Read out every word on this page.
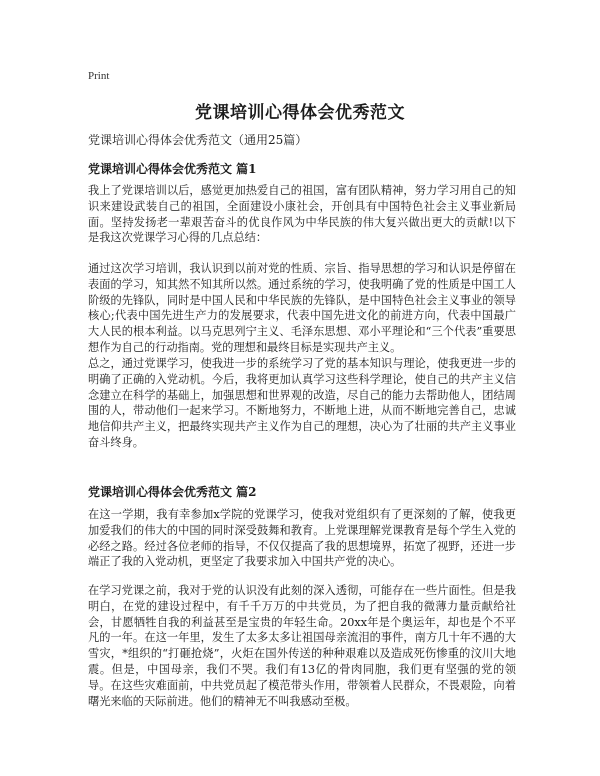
Print
党课培训心得体会优秀范文
党课培训心得体会优秀范文（通用25篇）
党课培训心得体会优秀范文 篇1
我上了党课培训以后，感觉更加热爱自己的祖国，富有团队精神，努力学习用自己的知识来建设武装自己的祖国，全面建设小康社会，开创具有中国特色社会主义事业新局面。坚持发扬老一辈艰苦奋斗的优良作风为中华民族的伟大复兴做出更大的贡献!以下是我这次党课学习心得的几点总结：
通过这次学习培训，我认识到以前对党的性质、宗旨、指导思想的学习和认识是停留在表面的学习，知其然不知其所以然。通过系统的学习，使我明确了党的性质是中国工人阶级的先锋队，同时是中国人民和中华民族的先锋队，是中国特色社会主义事业的领导核心;代表中国先进生产力的发展要求，代表中国先进文化的前进方向，代表中国最广大人民的根本利益。以马克思列宁主义、毛泽东思想、邓小平理论和“三个代表”重要思想作为自己的行动指南。党的理想和最终目标是实现共产主义。
总之，通过党课学习，使我进一步的系统学习了党的基本知识与理论，使我更进一步的明确了正确的入党动机。今后，我将更加认真学习这些科学理论，使自己的共产主义信念建立在科学的基础上，加强思想和世界观的改造，尽自己的能力去帮助他人，团结周围的人，带动他们一起来学习。不断地努力，不断地上进，从而不断地完善自己，忠诚地信仰共产主义，把最终实现共产主义作为自己的理想，决心为了壮丽的共产主义事业奋斗终身。
党课培训心得体会优秀范文 篇2
在这一学期，我有幸参加x学院的党课学习，使我对党组织有了更深刻的了解，使我更加爱我们的伟大的中国的同时深受鼓舞和教育。上党课理解党课教育是每个学生入党的必经之路。经过各位老师的指导，不仅仅提高了我的思想境界，拓宽了视野，还进一步端正了我的入党动机，更坚定了我要求加入中国共产党的决心。
在学习党课之前，我对于党的认识没有此刻的深入透彻，可能存在一些片面性。但是我明白，在党的建设过程中，有千千万万的中共党员，为了把自我的微薄力量贡献给社会，甘愿牺牲自我的利益甚至是宝贵的年轻生命。20xx年是个奥运年，却也是个不平凡的一年。在这一年里，发生了太多太多让祖国母亲流泪的事件，南方几十年不遇的大雪灾，*组织的“打砸抢烧”，火炬在国外传送的种种艰难以及造成死伤惨重的汶川大地震。但是，中国母亲，我们不哭。我们有13亿的骨肉同胞，我们更有坚强的党的领导。在这些灾难面前，中共党员起了模范带头作用，带领着人民群众，不畏艰险，向着曙光来临的天际前进。他们的精神无不叫我感动至极。
